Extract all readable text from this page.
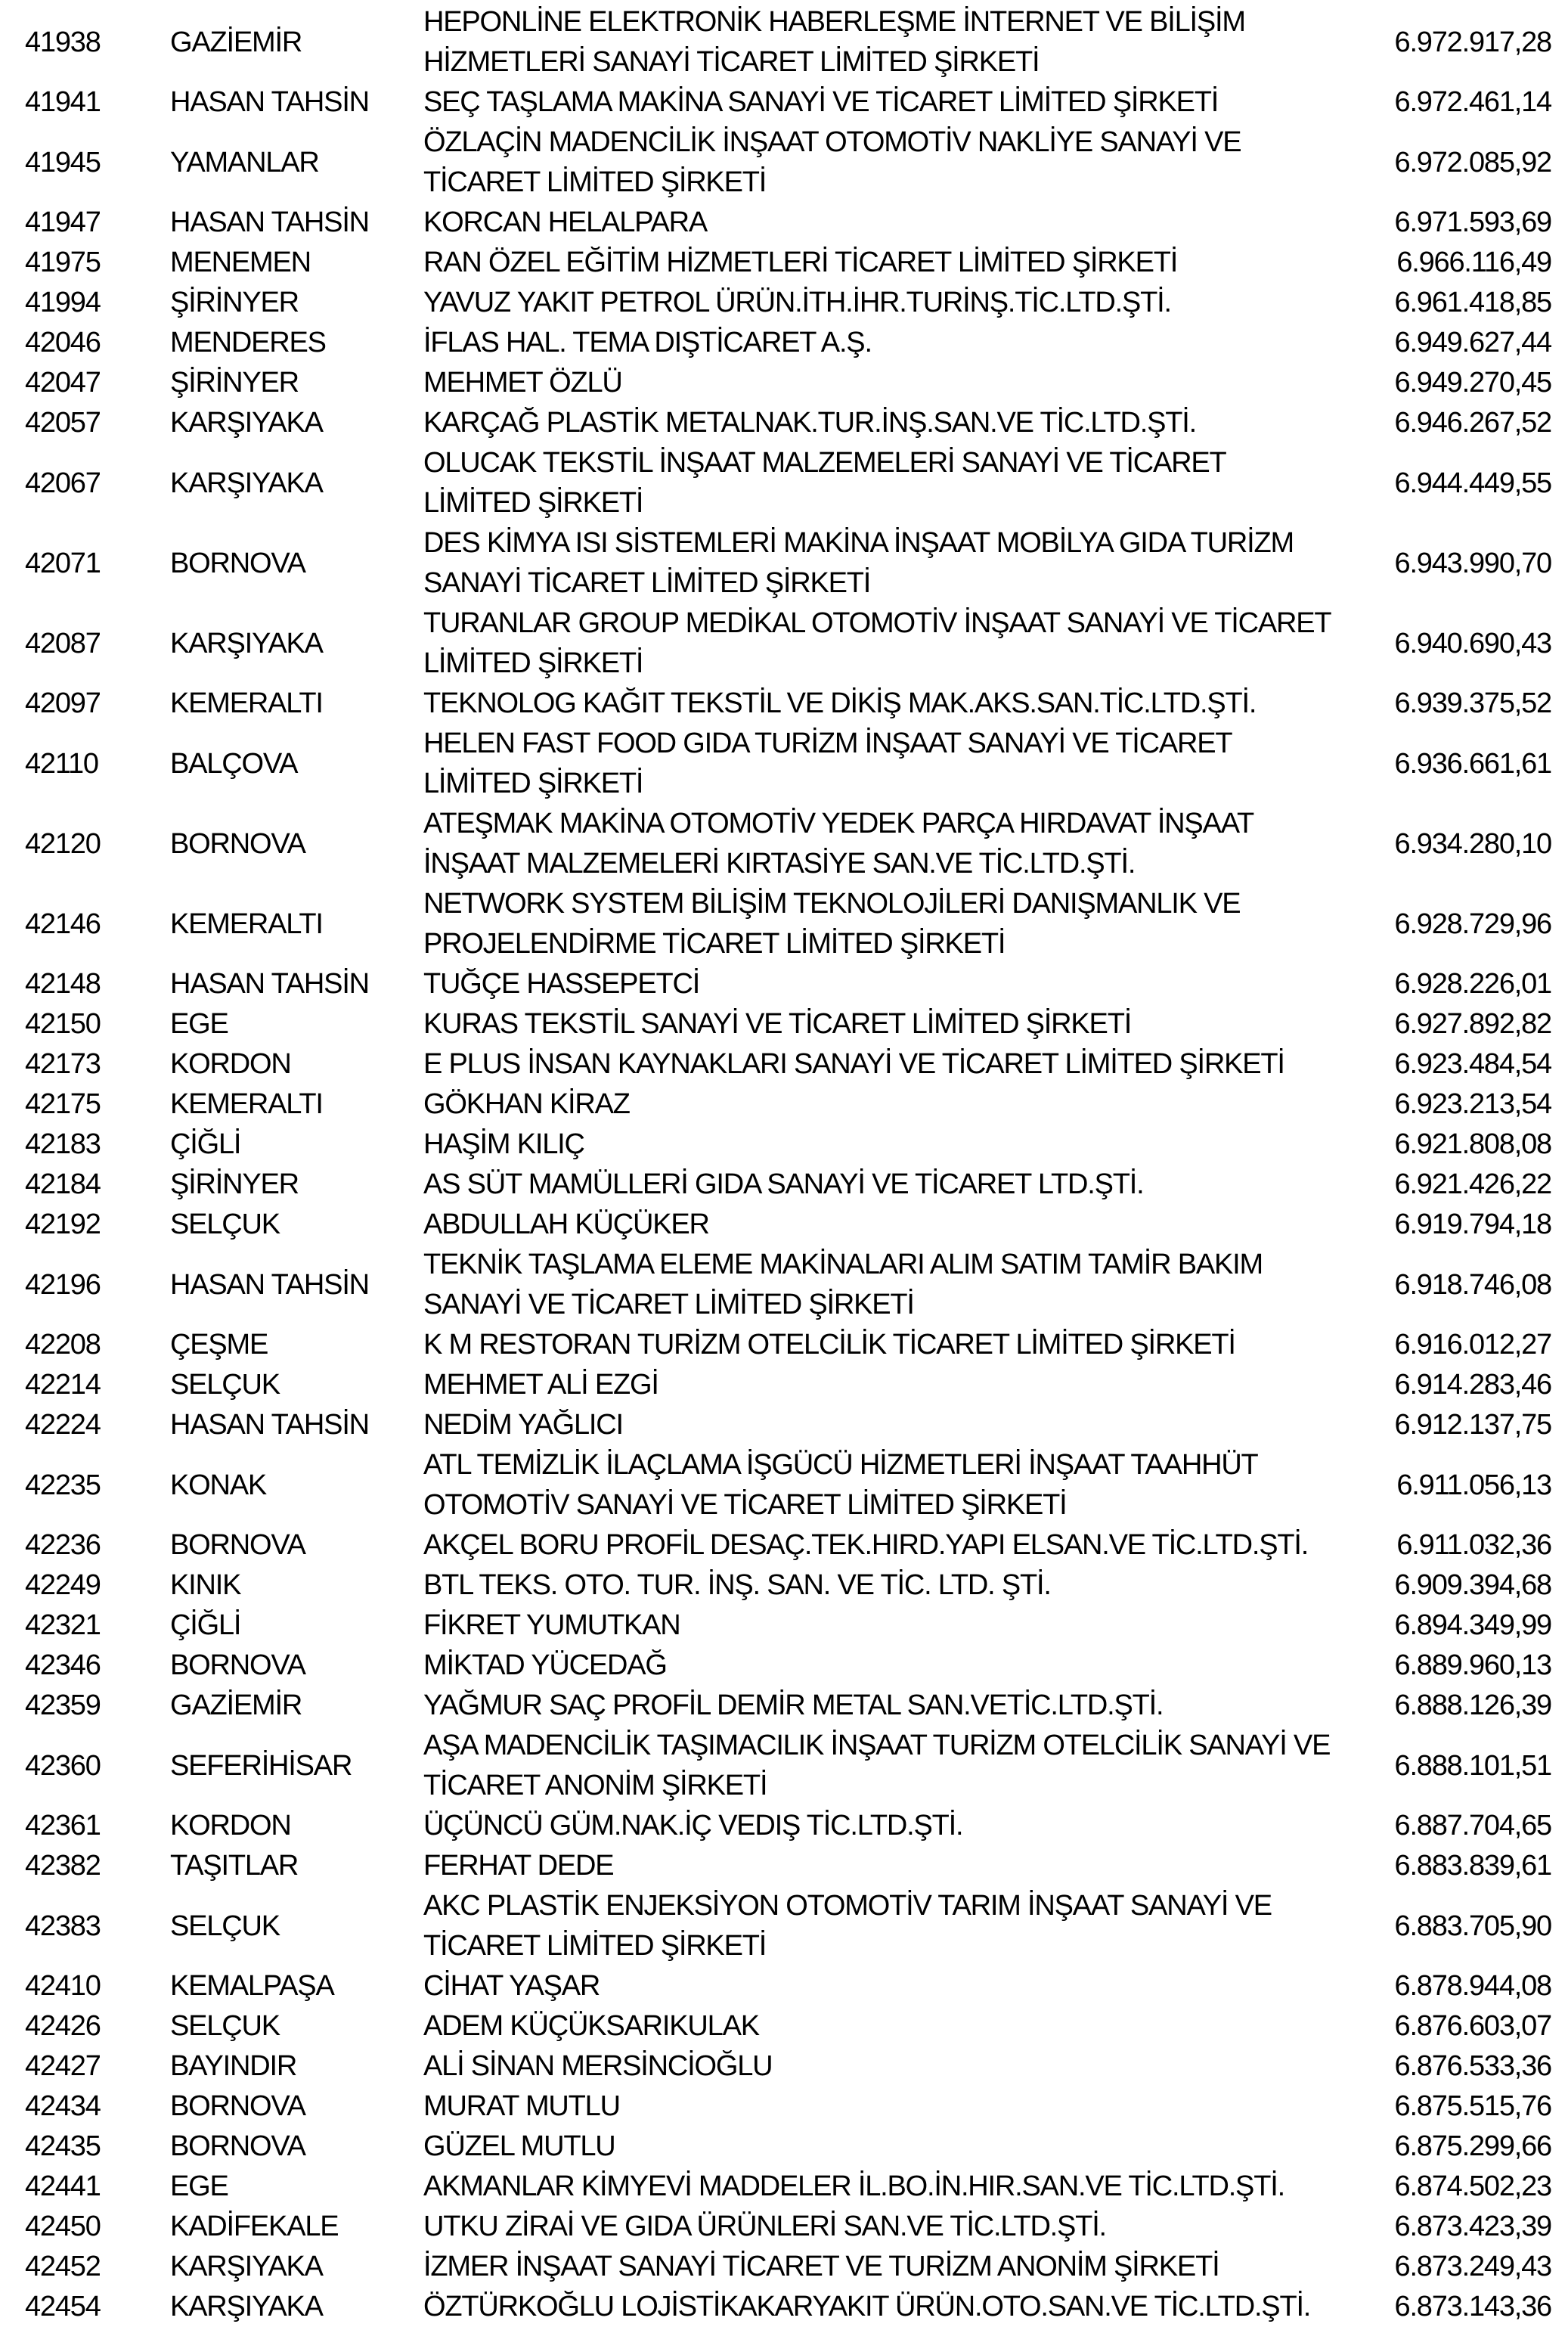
41938	GAZİEMİR	HEPONLİNE ELEKTRONİK HABERLEŞME İNTERNET VE BİLİŞİM HİZMETLERİ SANAYİ TİCARET LİMİTED ŞİRKETİ	6.972.917,28
41941	HASAN TAHSİN	SEÇ TAŞLAMA MAKİNA SANAYİ VE TİCARET LİMİTED ŞİRKETİ	6.972.461,14
41945	YAMANLAR	ÖZLAÇİN MADENCİLİK İNŞAAT OTOMOTİV NAKLİYE SANAYİ VE TİCARET LİMİTED ŞİRKETİ	6.972.085,92
41947	HASAN TAHSİN	KORCAN HELALPARA	6.971.593,69
41975	MENEMEN	RAN ÖZEL EĞİTİM HİZMETLERİ TİCARET LİMİTED ŞİRKETİ	6.966.116,49
41994	ŞİRİNYER	YAVUZ YAKIT PETROL ÜRÜN.İTH.İHR.TURİNŞ.TİC.LTD.ŞTİ.	6.961.418,85
42046	MENDERES	İFLAS HAL. TEMA DIŞTİCARET A.Ş.	6.949.627,44
42047	ŞİRİNYER	MEHMET ÖZLÜ	6.949.270,45
42057	KARŞIYAKA	KARÇAĞ PLASTİK METALNAK.TUR.İNŞ.SAN.VE TİC.LTD.ŞTİ.	6.946.267,52
42067	KARŞIYAKA	OLUCAK TEKSTİL İNŞAAT MALZEMELERİ SANAYİ VE TİCARET LİMİTED ŞİRKETİ	6.944.449,55
42071	BORNOVA	DES KİMYA ISI SİSTEMLERİ MAKİNA İNŞAAT MOBİLYA GIDA TURİZM SANAYİ TİCARET LİMİTED ŞİRKETİ	6.943.990,70
42087	KARŞIYAKA	TURANLAR GROUP MEDİKAL OTOMOTİV İNŞAAT SANAYİ VE TİCARET LİMİTED ŞİRKETİ	6.940.690,43
42097	KEMERALTI	TEKNOLOG KAĞIT TEKSTİL VE DİKİŞ MAK.AKS.SAN.TİC.LTD.ŞTİ.	6.939.375,52
42110	BALÇOVA	HELEN FAST FOOD GIDA TURİZM İNŞAAT SANAYİ VE TİCARET LİMİTED ŞİRKETİ	6.936.661,61
42120	BORNOVA	ATEŞMAK MAKİNA OTOMOTİV YEDEK PARÇA HIRDAVAT İNŞAAT İNŞAAT MALZEMELERİ KIRTASİYE SAN.VE TİC.LTD.ŞTİ.	6.934.280,10
42146	KEMERALTI	NETWORK SYSTEM BİLİŞİM TEKNOLOJİLERİ DANIŞMANLIK VE PROJELENDİRME TİCARET LİMİTED ŞİRKETİ	6.928.729,96
42148	HASAN TAHSİN	TUĞÇE HASSEPETCİ	6.928.226,01
42150	EGE	KURAS TEKSTİL SANAYİ VE TİCARET LİMİTED ŞİRKETİ	6.927.892,82
42173	KORDON	E PLUS İNSAN KAYNAKLARI SANAYİ VE TİCARET LİMİTED ŞİRKETİ	6.923.484,54
42175	KEMERALTI	GÖKHAN KİRAZ	6.923.213,54
42183	ÇİĞLİ	HAŞİM KILIÇ	6.921.808,08
42184	ŞİRİNYER	AS SÜT MAMÜLLERİ GIDA SANAYİ VE TİCARET LTD.ŞTİ.	6.921.426,22
42192	SELÇUK	ABDULLAH KÜÇÜKER	6.919.794,18
42196	HASAN TAHSİN	TEKNİK TAŞLAMA ELEME MAKİNALARI ALIM SATIM TAMİR BAKIM SANAYİ VE TİCARET LİMİTED ŞİRKETİ	6.918.746,08
42208	ÇEŞME	K M RESTORAN TURİZM OTELCİLİK TİCARET LİMİTED ŞİRKETİ	6.916.012,27
42214	SELÇUK	MEHMET ALİ EZGİ	6.914.283,46
42224	HASAN TAHSİN	NEDİM YAĞLICI	6.912.137,75
42235	KONAK	ATL TEMİZLİK İLAÇLAMA İŞGÜCÜ HİZMETLERİ İNŞAAT TAAHHÜT OTOMOTİV SANAYİ VE TİCARET LİMİTED ŞİRKETİ	6.911.056,13
42236	BORNOVA	AKÇEL BORU PROFİL DESAÇ.TEK.HIRD.YAPI ELSAN.VE TİC.LTD.ŞTİ.	6.911.032,36
42249	KINIK	BTL TEKS. OTO. TUR. İNŞ. SAN. VE TİC. LTD. ŞTİ.	6.909.394,68
42321	ÇİĞLİ	FİKRET YUMUTKAN	6.894.349,99
42346	BORNOVA	MİKTAD YÜCEDAĞ	6.889.960,13
42359	GAZİEMİR	YAĞMUR SAÇ PROFİL DEMİR METAL SAN.VETİC.LTD.ŞTİ.	6.888.126,39
42360	SEFERİHİSAR	AŞA MADENCİLİK TAŞIMACILIK İNŞAAT TURİZM OTELCİLİK SANAYİ VE TİCARET ANONİM ŞİRKETİ	6.888.101,51
42361	KORDON	ÜÇÜNCÜ GÜM.NAK.İÇ VEDIŞ TİC.LTD.ŞTİ.	6.887.704,65
42382	TAŞITLAR	FERHAT DEDE	6.883.839,61
42383	SELÇUK	AKC PLASTİK ENJEKSİYON OTOMOTİV TARIM İNŞAAT SANAYİ VE TİCARET LİMİTED ŞİRKETİ	6.883.705,90
42410	KEMALPAŞA	CİHAT YAŞAR	6.878.944,08
42426	SELÇUK	ADEM KÜÇÜKSARIKULAK	6.876.603,07
42427	BAYINDIR	ALİ SİNAN MERSİNCİOĞLU	6.876.533,36
42434	BORNOVA	MURAT MUTLU	6.875.515,76
42435	BORNOVA	GÜZEL MUTLU	6.875.299,66
42441	EGE	AKMANLAR KİMYEVİ MADDELER İL.BO.İN.HIR.SAN.VE TİC.LTD.ŞTİ.	6.874.502,23
42450	KADİFEKALE	UTKU ZİRAİ VE GIDA ÜRÜNLERİ SAN.VE TİC.LTD.ŞTİ.	6.873.423,39
42452	KARŞIYAKA	İZMER İNŞAAT SANAYİ TİCARET VE TURİZM ANONİM ŞİRKETİ	6.873.249,43
42454	KARŞIYAKA	ÖZTÜRKOĞLU LOJİSTİKAKARYAKIT ÜRÜN.OTO.SAN.VE TİC.LTD.ŞTİ.	6.873.143,36
